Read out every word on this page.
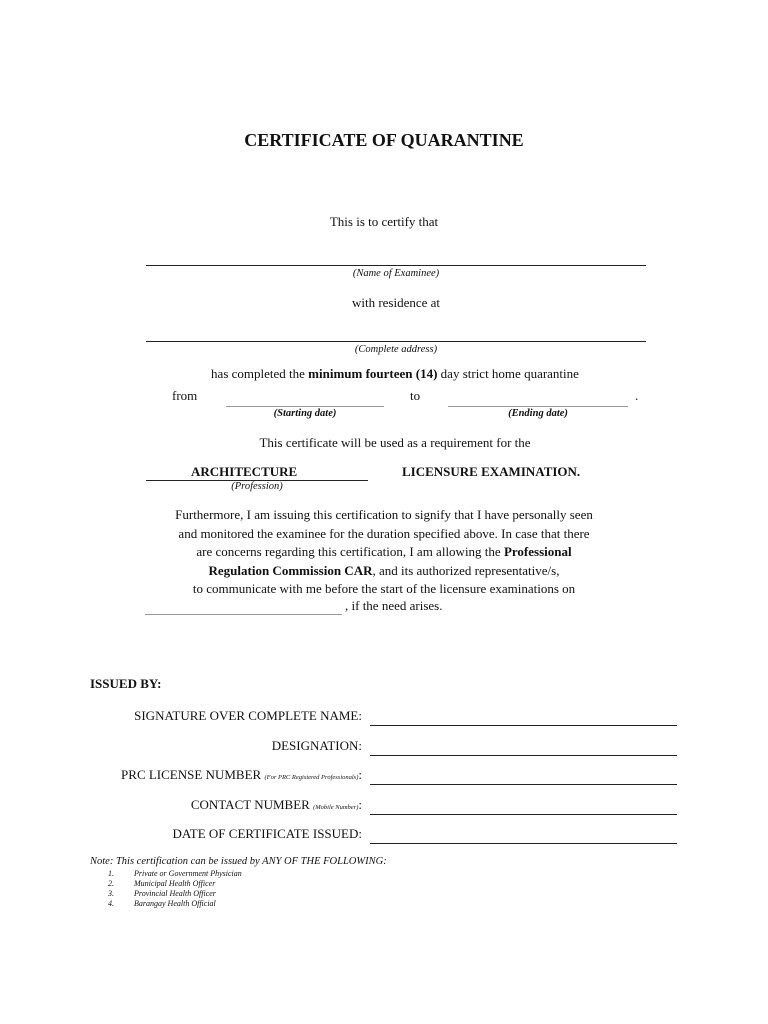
CERTIFICATE OF QUARANTINE
This is to certify that
(Name of Examinee)
with residence at
(Complete address)
has completed the minimum fourteen (14) day strict home quarantine
from
(Starting date)
to
(Ending date)
.
This certificate will be used as a requirement for the
ARCHITECTURE
(Profession)
LICENSURE EXAMINATION.
Furthermore, I am issuing this certification to signify that I have personally seen
and monitored the examinee for the duration specified above. In case that there
are concerns regarding this certification, I am allowing the Professional
Regulation Commission CAR, and its authorized representative/s,
to communicate with me before the start of the licensure examinations on
, if the need arises.
ISSUED BY:
SIGNATURE OVER COMPLETE NAME:
DESIGNATION:
PRC LICENSE NUMBER (For PRC Registered Professionals):
CONTACT NUMBER (Mobile Number):
DATE OF CERTIFICATE ISSUED:
Note: This certification can be issued by ANY OF THE FOLLOWING:
1.	Private or Government Physician
2.	Municipal Health Officer
3.	Provincial Health Officer
4.	Barangay Health Official
